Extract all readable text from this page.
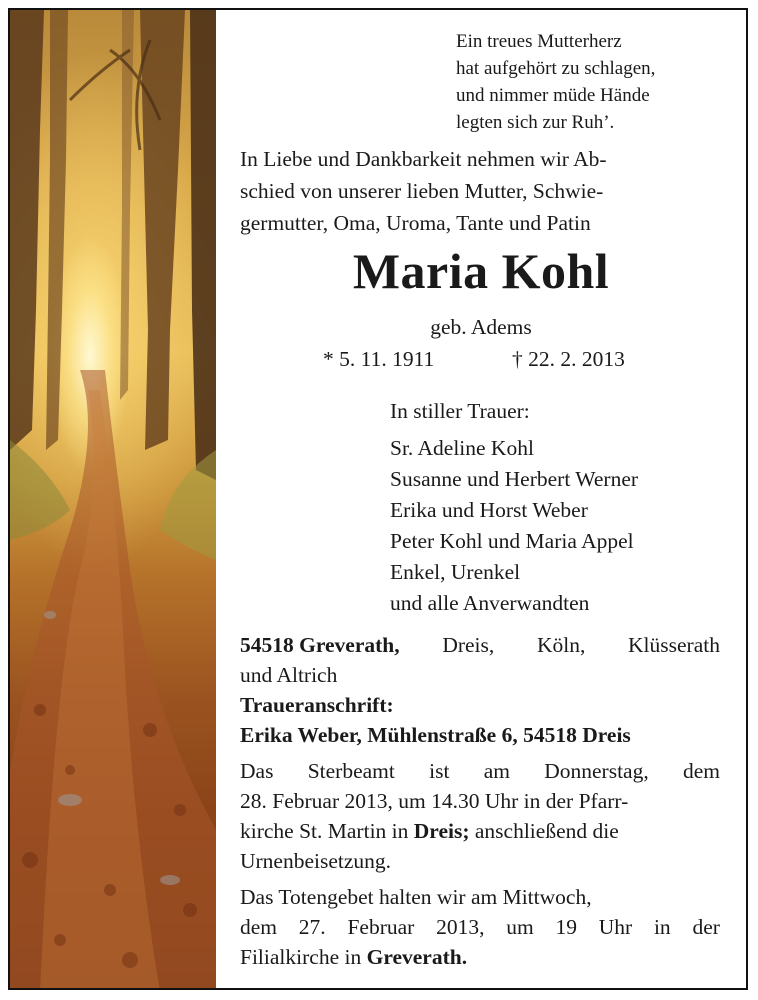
Ein treues Mutterherz
hat aufgehört zu schlagen,
und nimmer müde Hände
legten sich zur Ruh’.
In Liebe und Dankbarkeit nehmen wir Ab-
schied von unserer lieben Mutter, Schwie-
germutter, Oma, Uroma, Tante und Patin
Maria Kohl
geb. Adems
* 5. 11. 1911	† 22. 2. 2013
In stiller Trauer:
Sr. Adeline Kohl
Susanne und Herbert Werner
Erika und Horst Weber
Peter Kohl und Maria Appel
Enkel, Urenkel
und alle Anverwandten
54518 Greverath, Dreis, Köln, Klüsserath
und Altrich
Traueranschrift:
Erika Weber, Mühlenstraße 6, 54518 Dreis
Das Sterbeamt ist am Donnerstag, dem
28. Februar 2013, um 14.30 Uhr in der Pfarr-
kirche St. Martin in Dreis; anschließend die
Urnenbeisetzung.
Das Totengebet halten wir am Mittwoch,
dem 27. Februar 2013, um 19 Uhr in der
Filialkirche in Greverath.
